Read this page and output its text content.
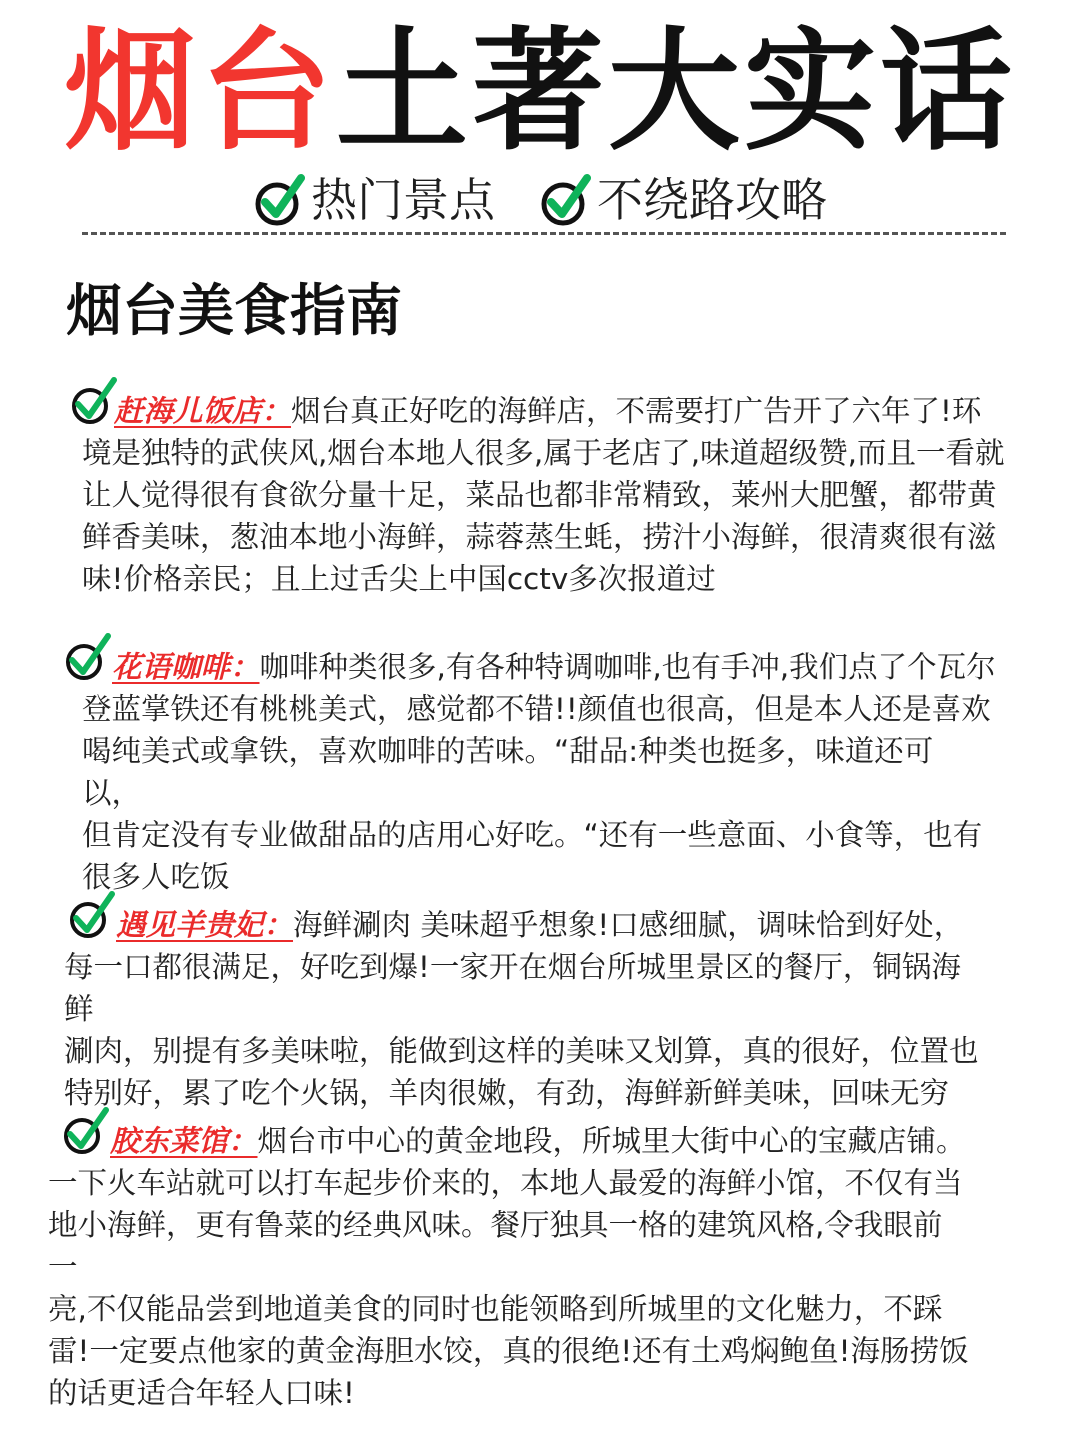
烟台土著大实话
热门景点 不绕路攻略
烟台美食指南

赶海儿饭店：烟台真正好吃的海鲜店，不需要打广告开了六年了!环

境是独特的武侠风,烟台本地人很多,属于老店了,味道超级赞,而且一看就

让人觉得很有食欲分量十足，菜品也都非常精致，莱州大肥蟹，都带黄

鲜香美味，葱油本地小海鲜，蒜蓉蒸生蚝，捞汁小海鲜，很清爽很有滋

味!价格亲民；且上过舌尖上中国cctv多次报道过

花语咖啡：咖啡种类很多,有各种特调咖啡,也有手冲,我们点了个瓦尔

登蓝掌铁还有桃桃美式，感觉都不错!!颜值也很高，但是本人还是喜欢

喝纯美式或拿铁，喜欢咖啡的苦味。“甜品:种类也挺多，味道还可

以，

但肯定没有专业做甜品的店用心好吃。“还有一些意面、小食等，也有

很多人吃饭

遇见羊贵妃：海鲜涮肉 美味超乎想象!口感细腻，调味恰到好处，

每一口都很满足，好吃到爆!一家开在烟台所城里景区的餐厅，铜锅海

鲜

涮肉，别提有多美味啦，能做到这样的美味又划算，真的很好，位置也

特别好，累了吃个火锅，羊肉很嫩，有劲，海鲜新鲜美味，回味无穷

胶东菜馆：烟台市中心的黄金地段，所城里大街中心的宝藏店铺。

一下火车站就可以打车起步价来的，本地人最爱的海鲜小馆，不仅有当

地小海鲜，更有鲁菜的经典风味。餐厅独具一格的建筑风格,令我眼前

一

亮,不仅能品尝到地道美食的同时也能领略到所城里的文化魅力，不踩

雷!一定要点他家的黄金海胆水饺，真的很绝!还有土鸡焖鲍鱼!海肠捞饭

的话更适合年轻人口味!
